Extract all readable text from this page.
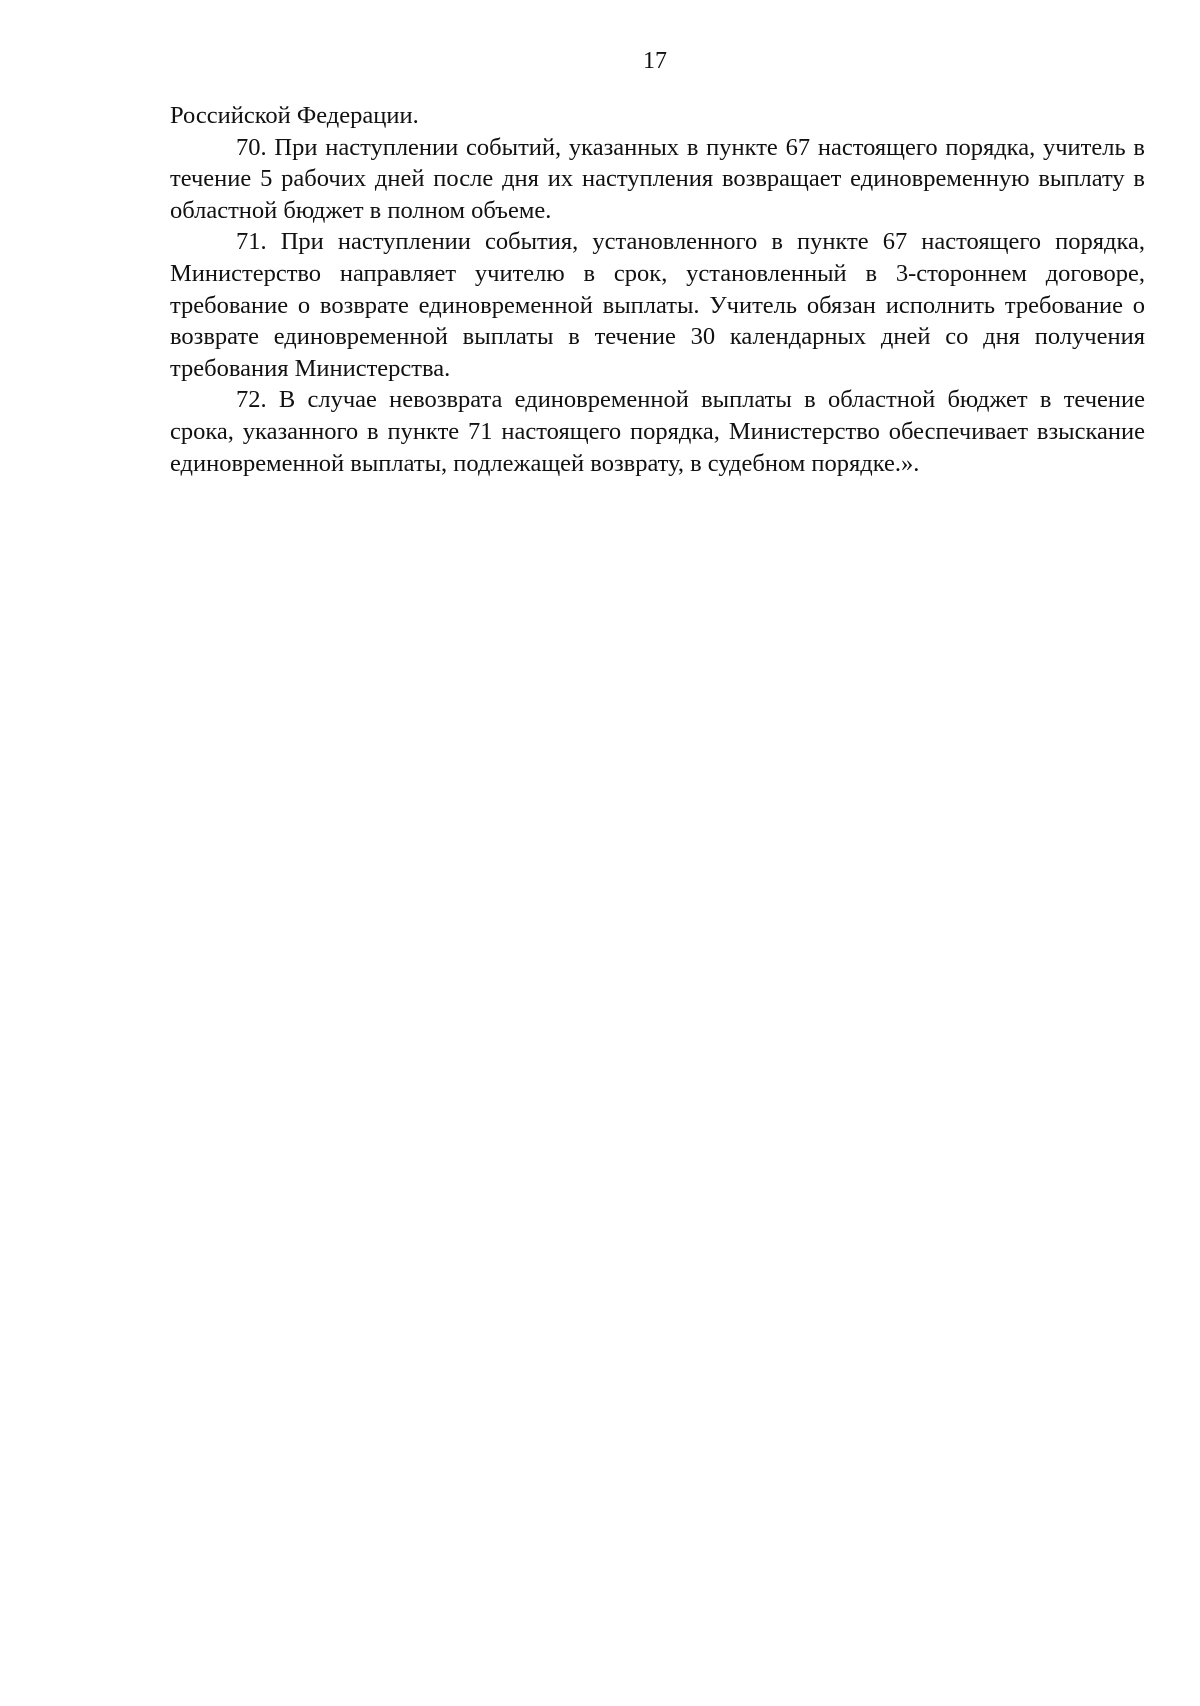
17

Российской Федерации.

70. При наступлении событий, указанных в пункте 67 настоящего порядка, учитель в течение 5 рабочих дней после дня их наступления возвращает единовременную выплату в областной бюджет в полном объеме.

71. При наступлении события, установленного в пункте 67 настоящего порядка, Министерство направляет учителю в срок, установленный в 3-стороннем договоре, требование о возврате единовременной выплаты. Учитель обязан исполнить требование о возврате единовременной выплаты в течение 30 календарных дней со дня получения требования Министерства.

72. В случае невозврата единовременной выплаты в областной бюджет в течение срока, указанного в пункте 71 настоящего порядка, Министерство обеспечивает взыскание единовременной выплаты, подлежащей возврату, в судебном порядке.».
